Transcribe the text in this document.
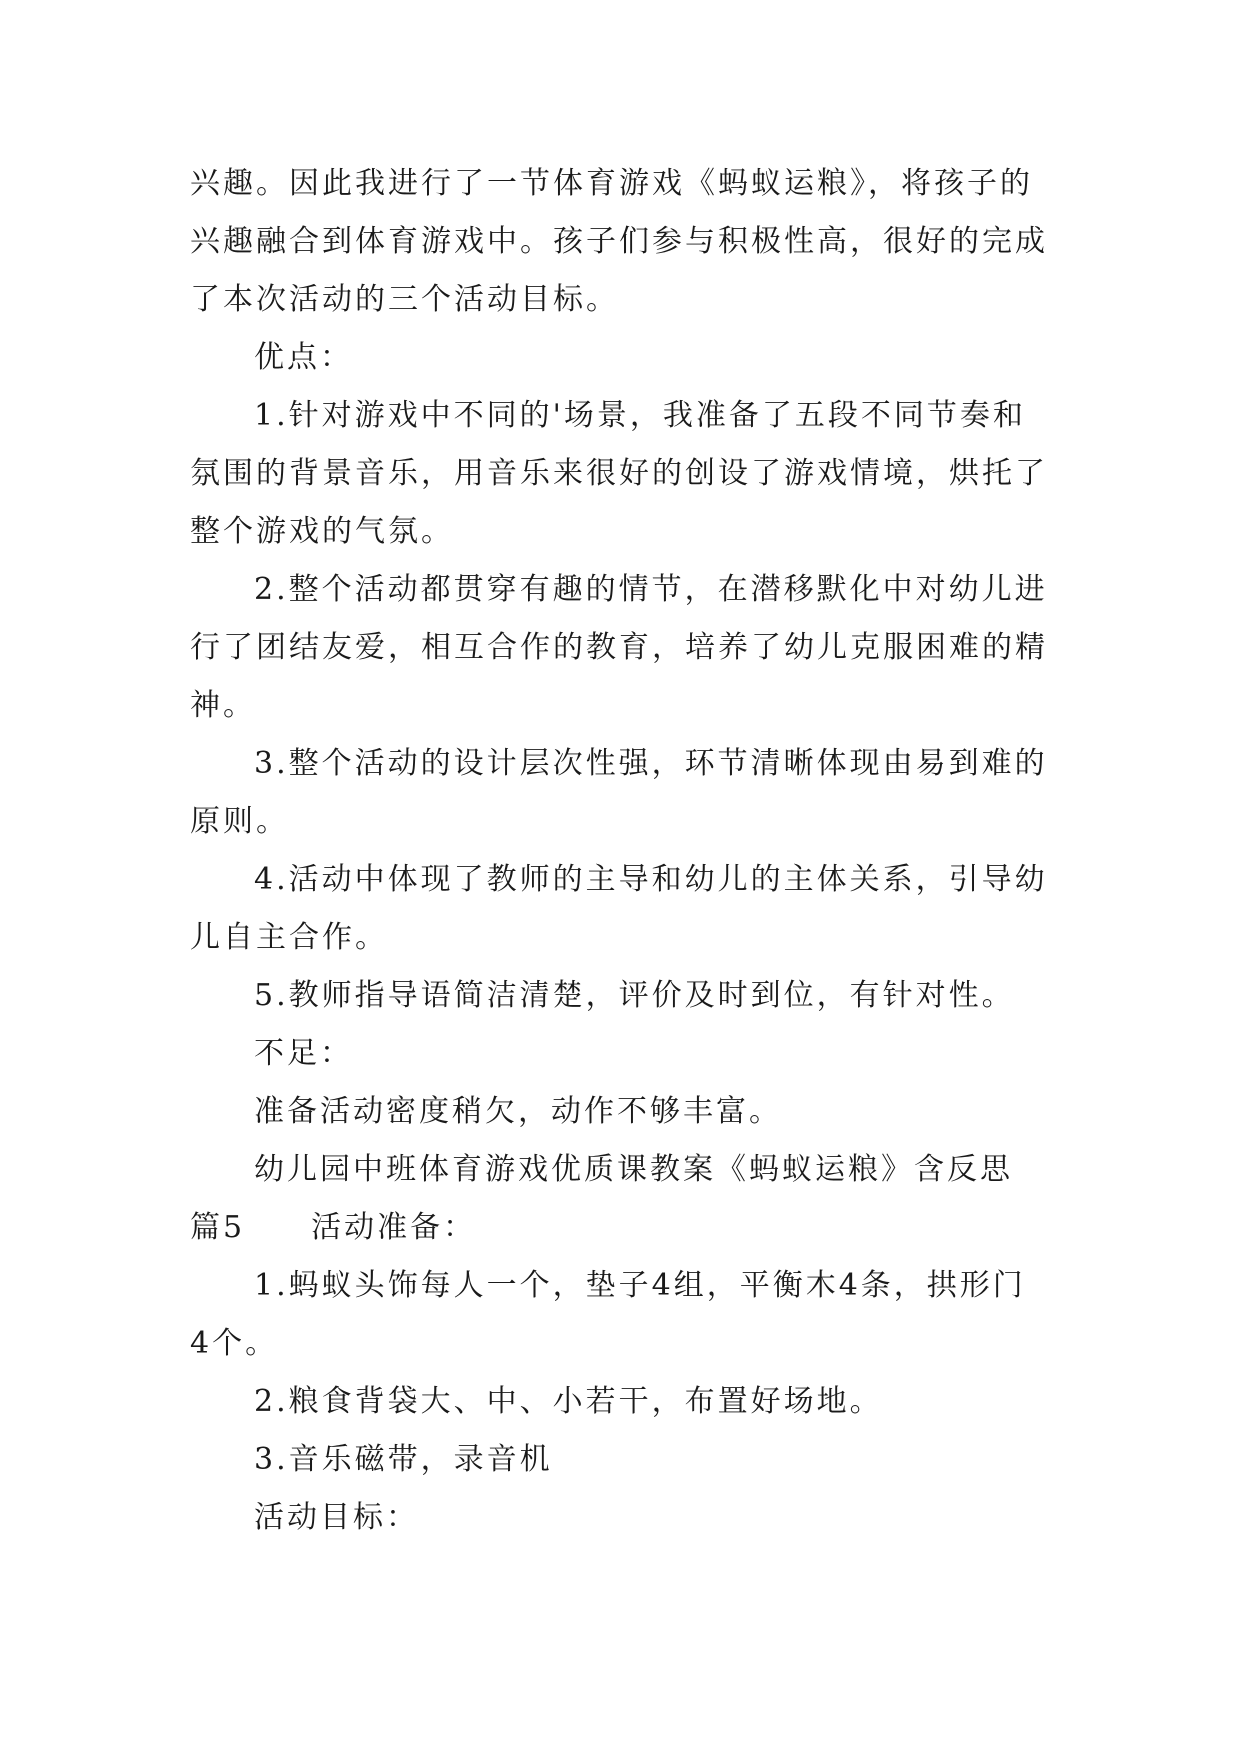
兴趣。因此我进行了一节体育游戏《蚂蚁运粮》，将孩子的
兴趣融合到体育游戏中。孩子们参与积极性高，很好的完成
了本次活动的三个活动目标。
优点：
1.针对游戏中不同的'场景，我准备了五段不同节奏和
氛围的背景音乐，用音乐来很好的创设了游戏情境，烘托了
整个游戏的气氛。
2.整个活动都贯穿有趣的情节，在潜移默化中对幼儿进
行了团结友爱，相互合作的教育，培养了幼儿克服困难的精
神。
3.整个活动的设计层次性强，环节清晰体现由易到难的
原则。
4.活动中体现了教师的主导和幼儿的主体关系，引导幼
儿自主合作。
5.教师指导语简洁清楚，评价及时到位，有针对性。
不足：
准备活动密度稍欠，动作不够丰富。
幼儿园中班体育游戏优质课教案《蚂蚁运粮》含反思
篇5　　活动准备：
1.蚂蚁头饰每人一个，垫子4组，平衡木4条，拱形门
4个。
2.粮食背袋大、中、小若干，布置好场地。
3.音乐磁带，录音机
活动目标：
